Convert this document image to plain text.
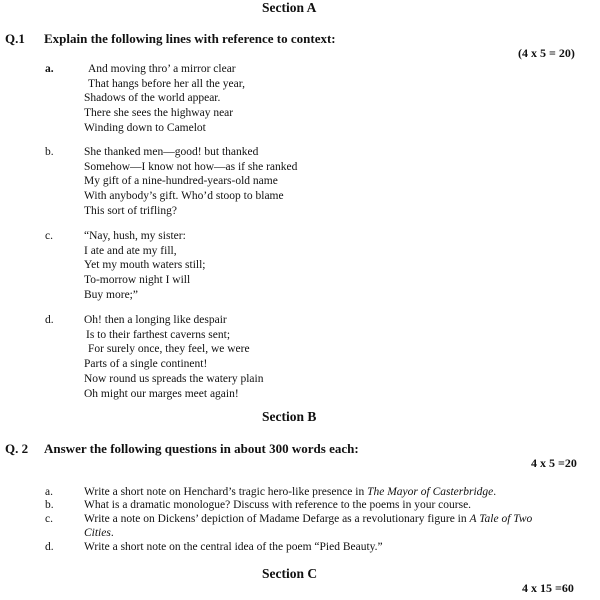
Section A
Q.1 Explain the following lines with reference to context:
(4 x 5 = 20)
a.	And moving thro’ a mirror clear
That hangs before her all the year,
Shadows of the world appear.
There she sees the highway near
Winding down to Camelot
b.	She thanked men—good! but thanked
Somehow—I know not how—as if she ranked
My gift of a nine-hundred-years-old name
With anybody’s gift. Who’d stoop to blame
This sort of trifling?
c.	“Nay, hush, my sister:
I ate and ate my fill,
Yet my mouth waters still;
To-morrow night I will
Buy more;”
d.	Oh! then a longing like despair
Is to their farthest caverns sent;
For surely once, they feel, we were
Parts of a single continent!
Now round us spreads the watery plain
Oh might our marges meet again!
Section B
Q. 2 Answer the following questions in about 300 words each:
4 x 5 =20
a.	Write a short note on Henchard’s tragic hero-like presence in The Mayor of Casterbridge.
b.	What is a dramatic monologue? Discuss with reference to the poems in your course.
c.	Write a note on Dickens’ depiction of Madame Defarge as a revolutionary figure in A Tale of Two
Cities.
d.	Write a short note on the central idea of the poem “Pied Beauty.”
Section C
4 x 15 =60
